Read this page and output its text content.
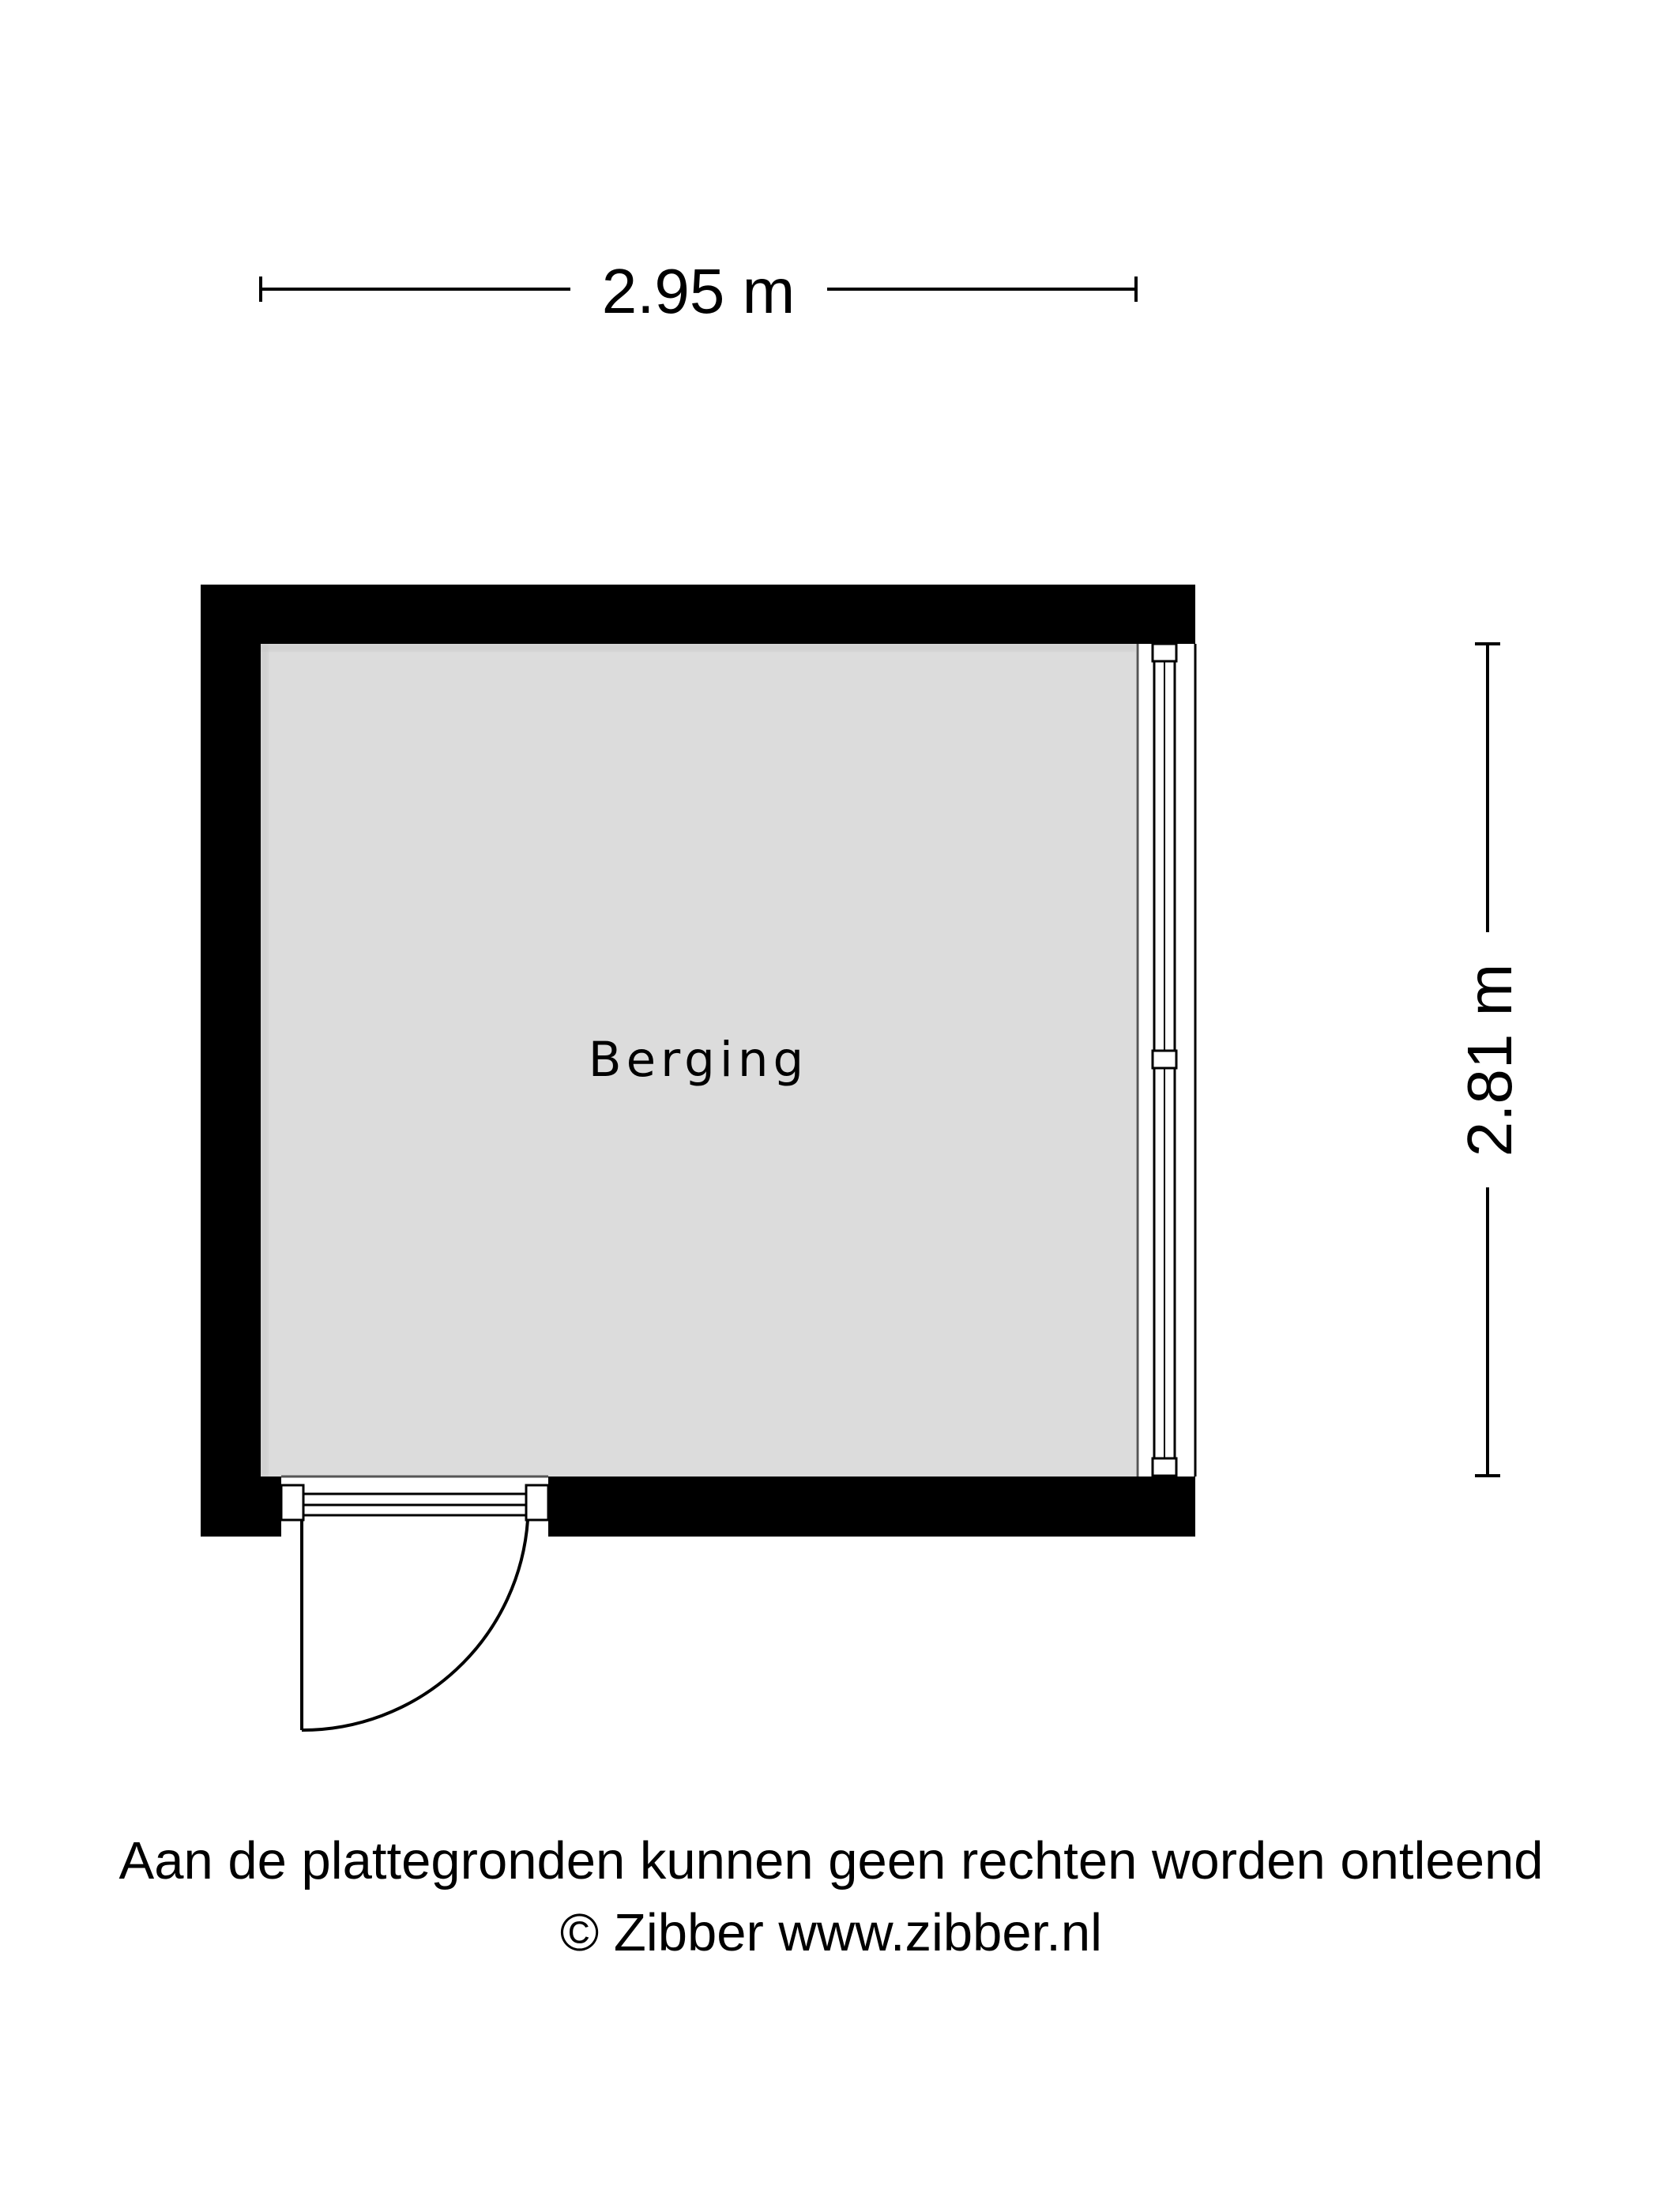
2.95 m
2.81 m
Berging
Aan de plattegronden kunnen geen rechten worden ontleend
© Zibber www.zibber.nl
